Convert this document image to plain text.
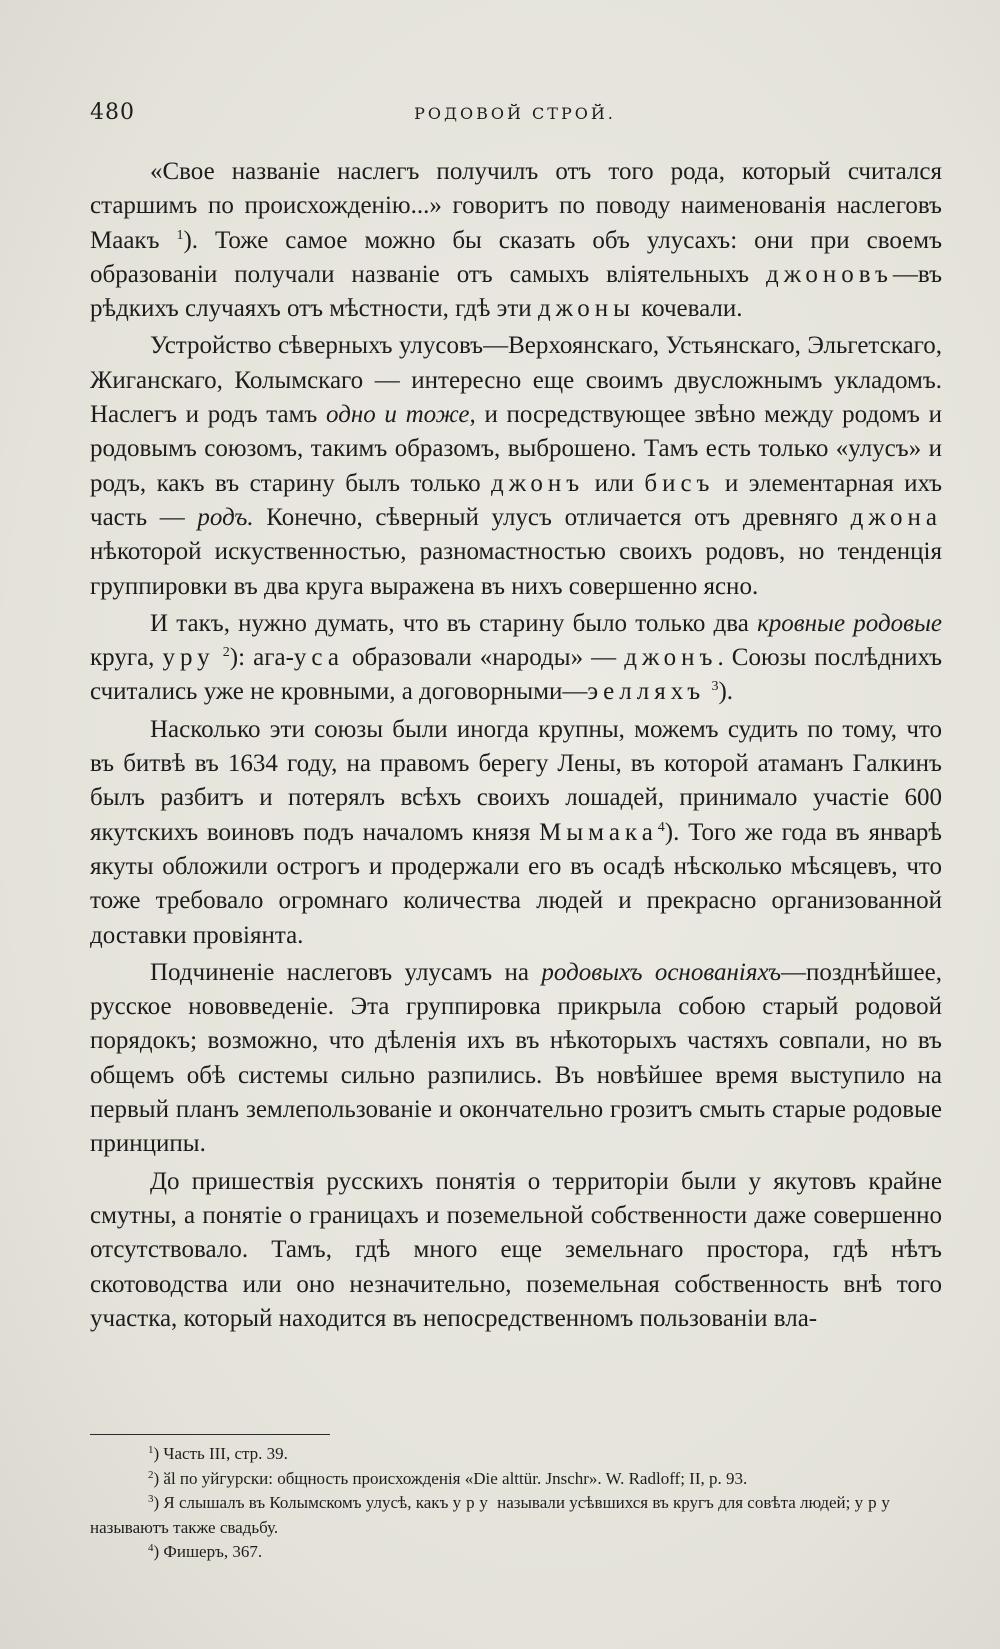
480	РОДОВОЙ СТРОЙ.

«Свое названіе наслегъ получилъ отъ того рода, который считался старшимъ по происхожденію...» говоритъ по поводу наименованія наслеговъ Маакъ $^1$). Тоже самое можно бы сказать объ улусахъ: они при своемъ образованіи получали названіе отъ самыхъ вліятельныхъ джоновъ—въ рѣдкихъ случаяхъ отъ мѣстности, гдѣ эти джоны кочевали.

Устройство сѣверныхъ улусовъ—Верхоянскаго, Устьянскаго, Эльгетскаго, Жиганскаго, Колымскаго — интересно еще своимъ двусложнымъ укладомъ. Наслегъ и родъ тамъ одно и тоже, и посредствующее звѣно между родомъ и родовымъ союзомъ, такимъ образомъ, выброшено. Тамъ есть только «улусъ» и родъ, какъ въ старину былъ только джонъ или бисъ и элементарная ихъ часть — родъ. Конечно, сѣверный улусъ отличается отъ древняго джона нѣкоторой искуственностью, разномастностью своихъ родовъ, но тенденція группировки въ два круга выражена въ нихъ совершенно ясно.

И такъ, нужно думать, что въ старину было только два кровные родовые круга, уру $^2$): ага-уса образовали «народы» — джонъ. Союзы послѣднихъ считались уже не кровными, а договорными—эелляхъ $^3$).

Насколько эти союзы были иногда крупны, можемъ судить по тому, что въ битвѣ въ 1634 году, на правомъ берегу Лены, въ которой атаманъ Галкинъ былъ разбитъ и потерялъ всѣхъ своихъ лошадей, принимало участіе 600 якутскихъ воиновъ подъ началомъ князя Мымака$^4$). Того же года въ январѣ якуты обложили острогъ и продержали его въ осадѣ нѣсколько мѣсяцевъ, что тоже требовало огромнаго количества людей и прекрасно организованной доставки провіянта.

Подчиненіе наслеговъ улусамъ на родовыхъ основаніяхъ—позднѣйшее, русское нововведеніе. Эта группировка прикрыла собою старый родовой порядокъ; возможно, что дѣленія ихъ въ нѣкоторыхъ частяхъ совпали, но въ общемъ обѣ системы сильно разпились. Въ новѣйшее время выступило на первый планъ землепользованіе и окончательно грозитъ смыть старые родовые принципы.

До пришествія русскихъ понятія о территоріи были у якутовъ крайне смутны, а понятіе о границахъ и поземельной собственности даже совершенно отсутствовало. Тамъ, гдѣ много еще земельнаго простора, гдѣ нѣтъ скотоводства или оно незначительно, поземельная собственность внѣ того участка, который находится въ непосредственномъ пользованіи вла-

$^1$) Часть III, стр. 39.

$^2$) ӑl по уйгурски: общность происхожденія «Die alttür. Jnschr». W. Radloff; II, p. 93.

$^3$) Я слышалъ въ Колымскомъ улусѣ, какъ уру называли усѣвшихся въ кругъ для совѣта людей; уру называютъ также свадьбу.

$^4$) Фишеръ, 367.
